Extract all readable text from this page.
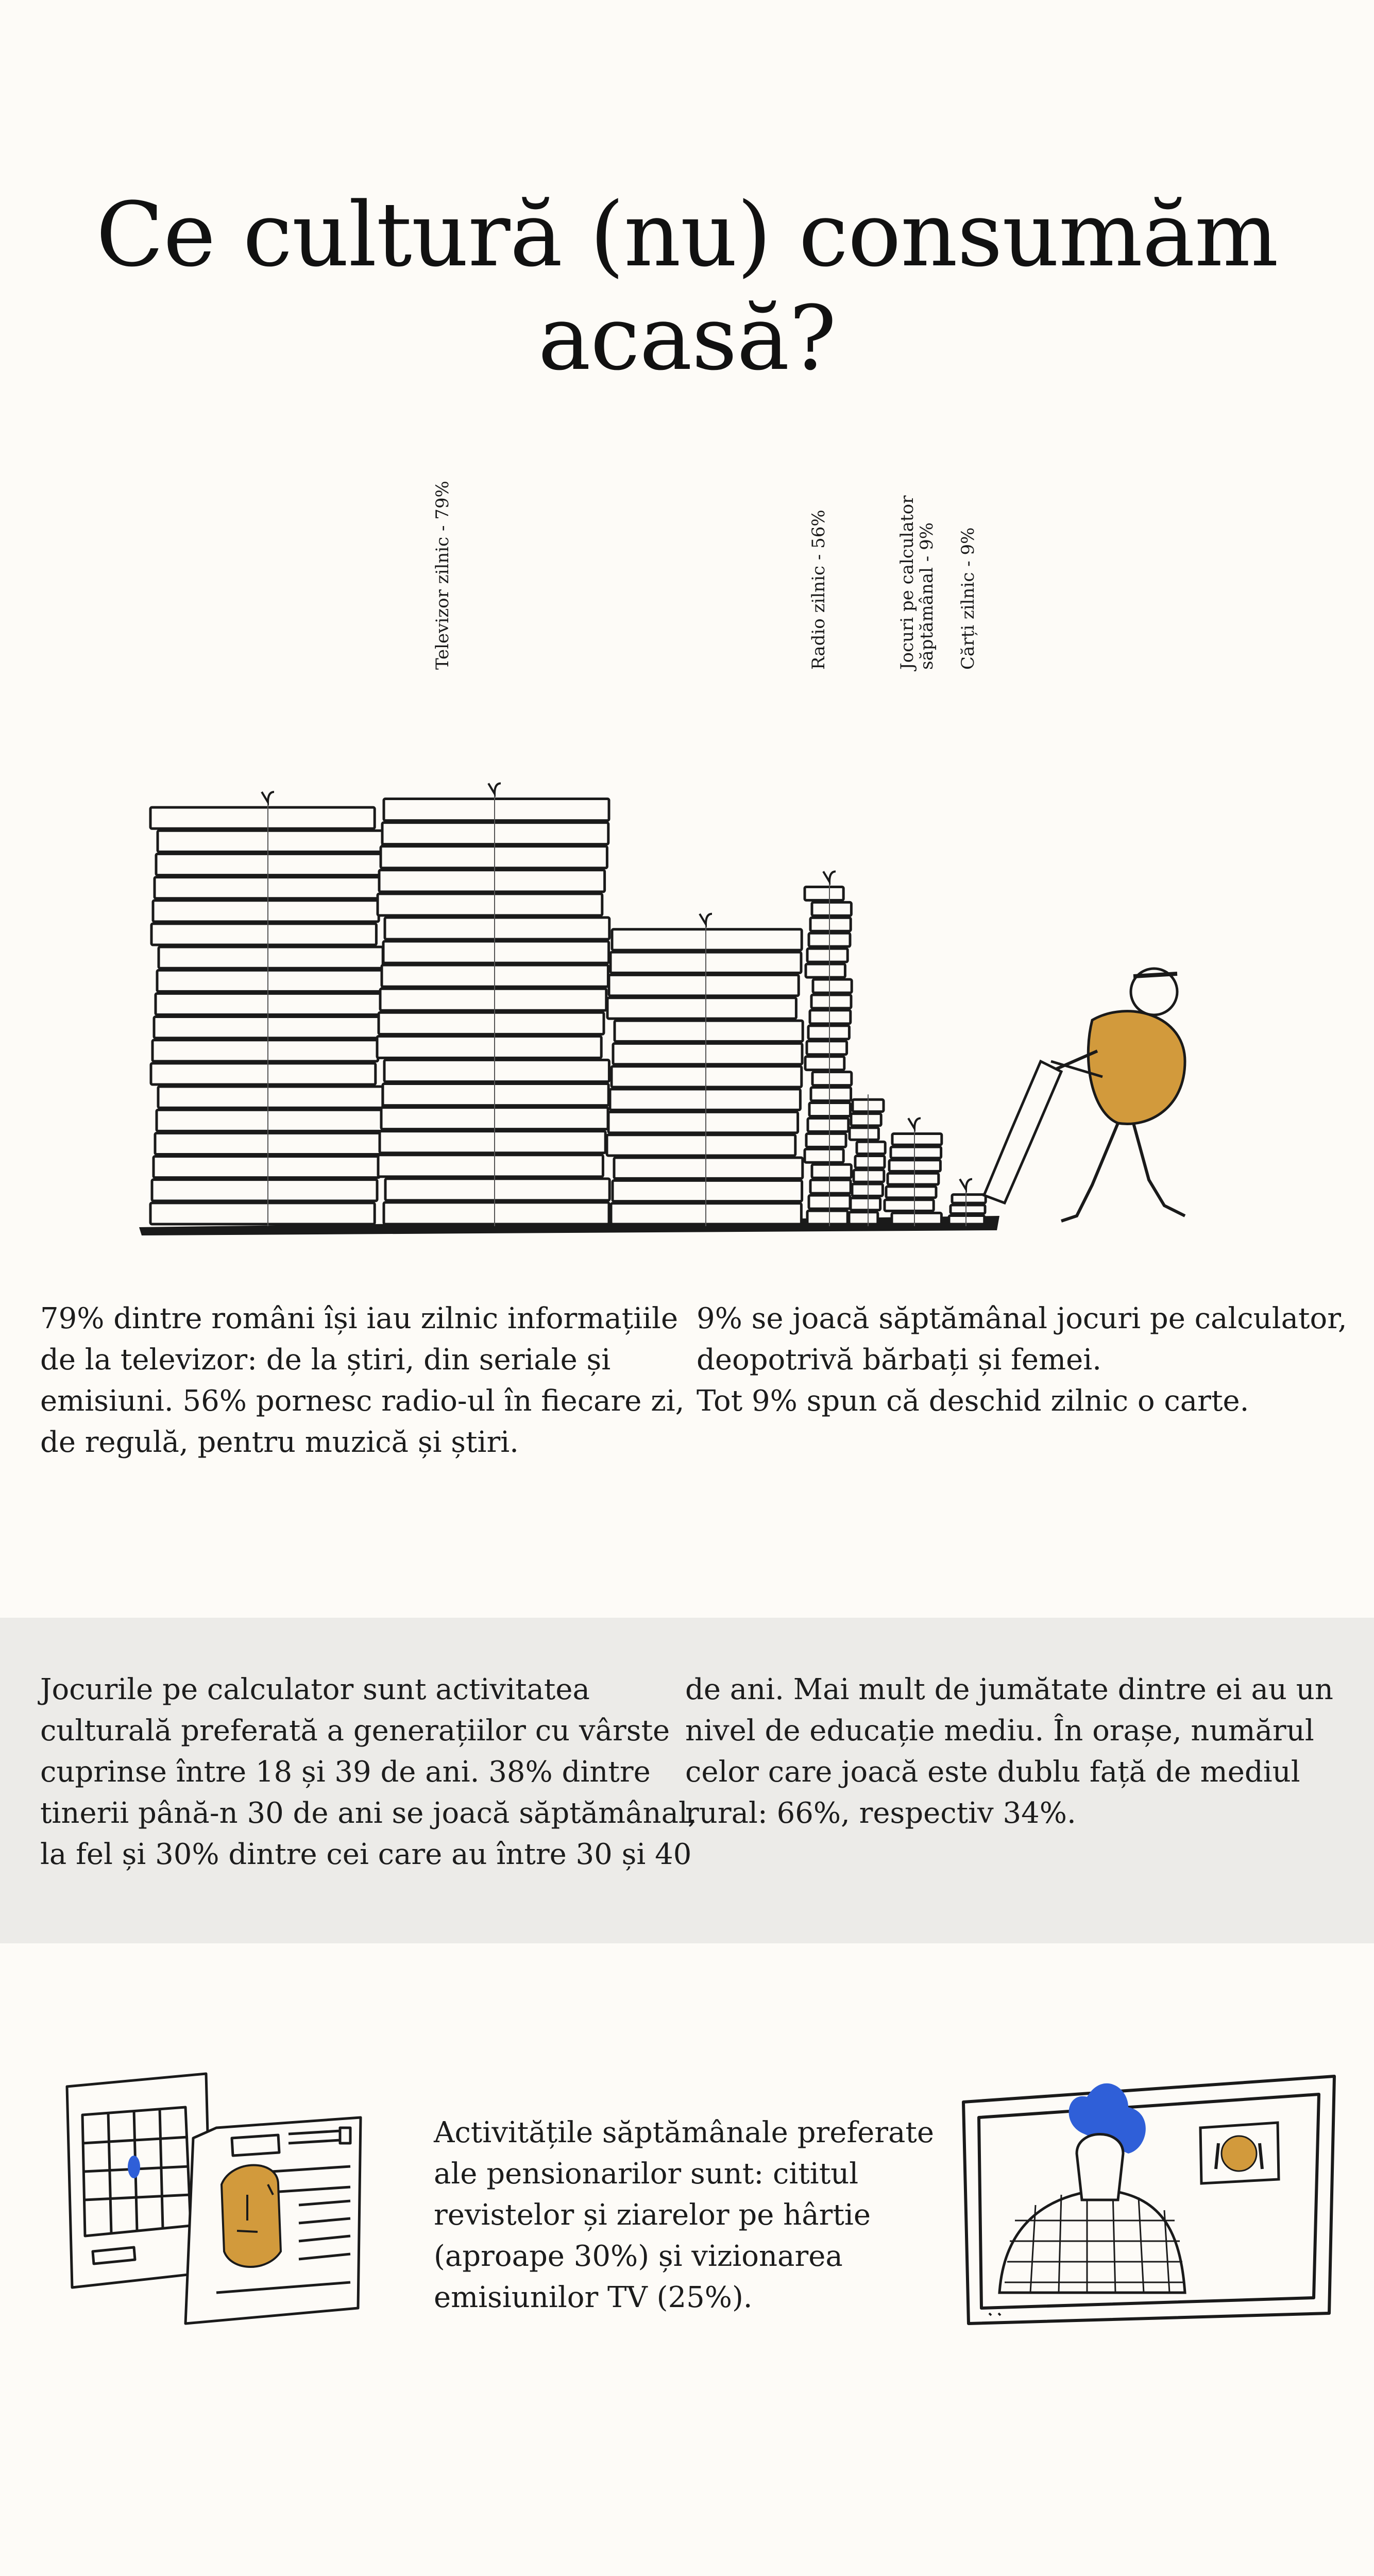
Ce cultură (nu) consumăm acasă?
Televizor zilnic - 79%	Radio zilnic - 56%	Jocuri pe calculatorsăptămânal - 9% Cărți zilnic - 9%
79% dintre români își iau zilnic informațiile
de la televizor: de la știri, din seriale și
emisiuni. 56% pornesc radio-ul în fiecare zi,
de regulă, pentru muzică și știri.
9% se joacă săptămânal jocuri pe calculator,
deopotrivă bărbați și femei.
Tot 9% spun că deschid zilnic o carte.
Jocurile pe calculator sunt activitatea
culturală preferată a generațiilor cu vârste
cuprinse între 18 și 39 de ani. 38% dintre
tinerii până-n 30 de ani se joacă săptămânal,
la fel și 30% dintre cei care au între 30 și 40
de ani. Mai mult de jumătate dintre ei au un
nivel de educație mediu. În orașe, numărul
celor care joacă este dublu față de mediul
rural: 66%, respectiv 34%.
Activitățile săptămânale preferate
ale pensionarilor sunt: cititul
revistelor și ziarelor pe hârtie
(aproape 30%) și vizionarea
emisiunilor TV (25%).
